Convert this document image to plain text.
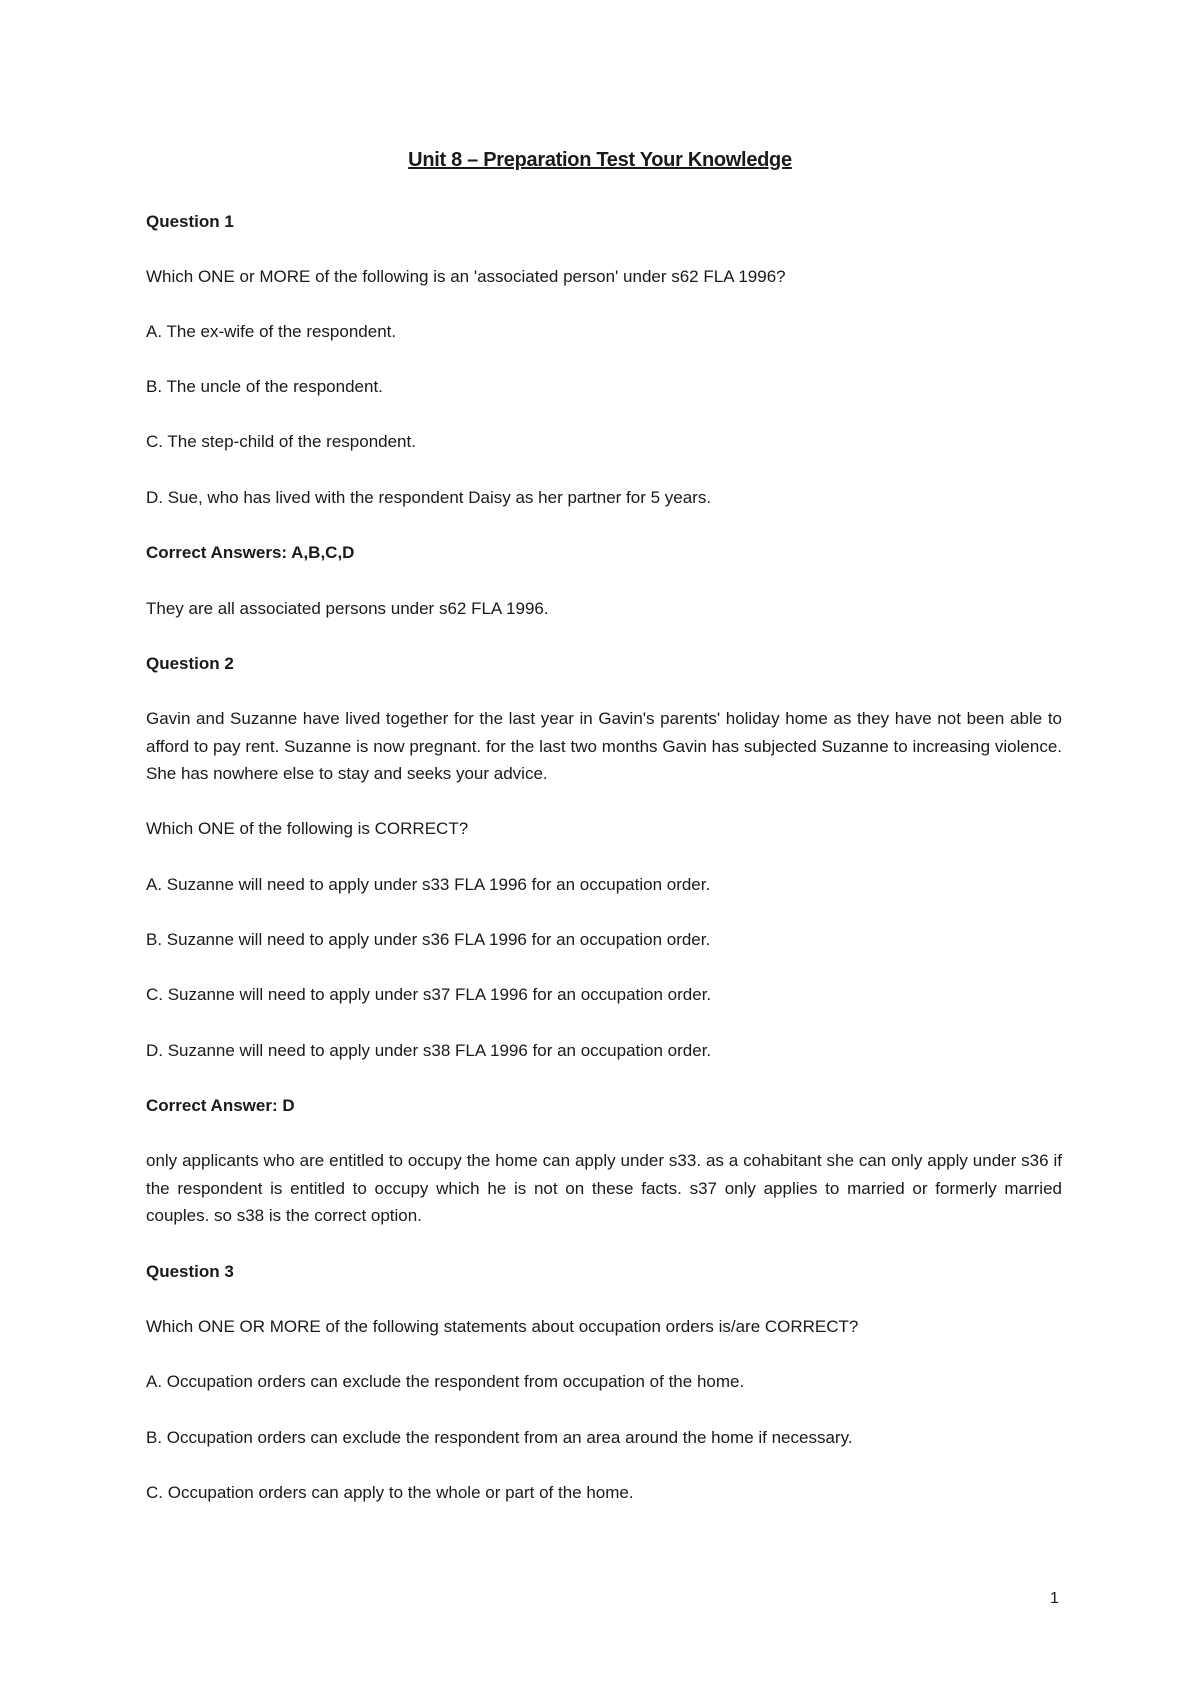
Unit 8 – Preparation Test Your Knowledge
Question 1
Which ONE or MORE of the following is an 'associated person' under s62 FLA 1996?
A. The ex-wife of the respondent.
B. The uncle of the respondent.
C. The step-child of the respondent.
D. Sue, who has lived with the respondent Daisy as her partner for 5 years.
Correct Answers: A,B,C,D
They are all associated persons under s62 FLA 1996.
Question 2
Gavin and Suzanne have lived together for the last year in Gavin's parents' holiday home as they have not been able to afford to pay rent. Suzanne is now pregnant. for the last two months Gavin has subjected Suzanne to increasing violence. She has nowhere else to stay and seeks your advice.
Which ONE of the following is CORRECT?
A. Suzanne will need to apply under s33 FLA 1996 for an occupation order.
B. Suzanne will need to apply under s36 FLA 1996 for an occupation order.
C. Suzanne will need to apply under s37 FLA 1996 for an occupation order.
D. Suzanne will need to apply under s38 FLA 1996 for an occupation order.
Correct Answer: D
only applicants who are entitled to occupy the home can apply under s33. as a cohabitant she can only apply under s36 if the respondent is entitled to occupy which he is not on these facts. s37 only applies to married or formerly married couples. so s38 is the correct option.
Question 3
Which ONE OR MORE of the following statements about occupation orders is/are CORRECT?
A. Occupation orders can exclude the respondent from occupation of the home.
B. Occupation orders can exclude the respondent from an area around the home if necessary.
C. Occupation orders can apply to the whole or part of the home.
1
